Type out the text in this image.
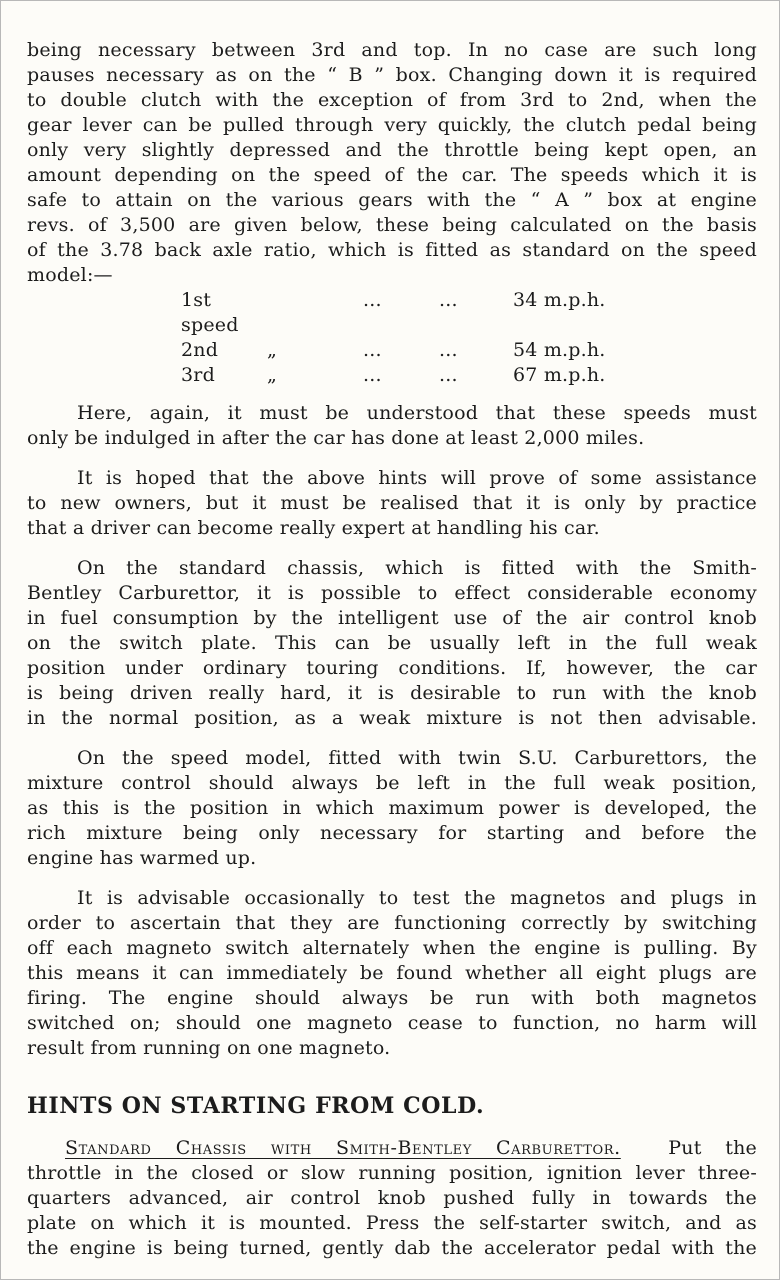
being necessary between 3rd and top. In no case are such long
pauses necessary as on the “ B ” box. Changing down it is required
to double clutch with the exception of from 3rd to 2nd, when the
gear lever can be pulled through very quickly, the clutch pedal being
only very slightly depressed and the throttle being kept open, an
amount depending on the speed of the car. The speeds which it is
safe to attain on the various gears with the “ A ” box at engine
revs. of 3,500 are given below, these being calculated on the basis
of the 3.78 back axle ratio, which is fitted as standard on the speed
model:—

1st speed		...	...	34 m.p.h.
2nd	„	...	...	54 m.p.h.
3rd	„	...	...	67 m.p.h.

Here, again, it must be understood that these speeds must
only be indulged in after the car has done at least 2,000 miles.

It is hoped that the above hints will prove of some assistance
to new owners, but it must be realised that it is only by practice
that a driver can become really expert at handling his car.

On the standard chassis, which is fitted with the Smith-
Bentley Carburettor, it is possible to effect considerable economy
in fuel consumption by the intelligent use of the air control knob
on the switch plate. This can be usually left in the full weak
position under ordinary touring conditions. If, however, the car
is being driven really hard, it is desirable to run with the knob
in the normal position, as a weak mixture is not then advisable.

On the speed model, fitted with twin S.U. Carburettors, the
mixture control should always be left in the full weak position,
as this is the position in which maximum power is developed, the
rich mixture being only necessary for starting and before the
engine has warmed up.

It is advisable occasionally to test the magnetos and plugs in
order to ascertain that they are functioning correctly by switching
off each magneto switch alternately when the engine is pulling. By
this means it can immediately be found whether all eight plugs are
firing. The engine should always be run with both magnetos
switched on; should one magneto cease to function, no harm will
result from running on one magneto.

HINTS ON STARTING FROM COLD.

Standard Chassis with Smith-Bentley Carburettor. Put the
throttle in the closed or slow running position, ignition lever three-
quarters advanced, air control knob pushed fully in towards the
plate on which it is mounted. Press the self-starter switch, and as
the engine is being turned, gently dab the accelerator pedal with the
